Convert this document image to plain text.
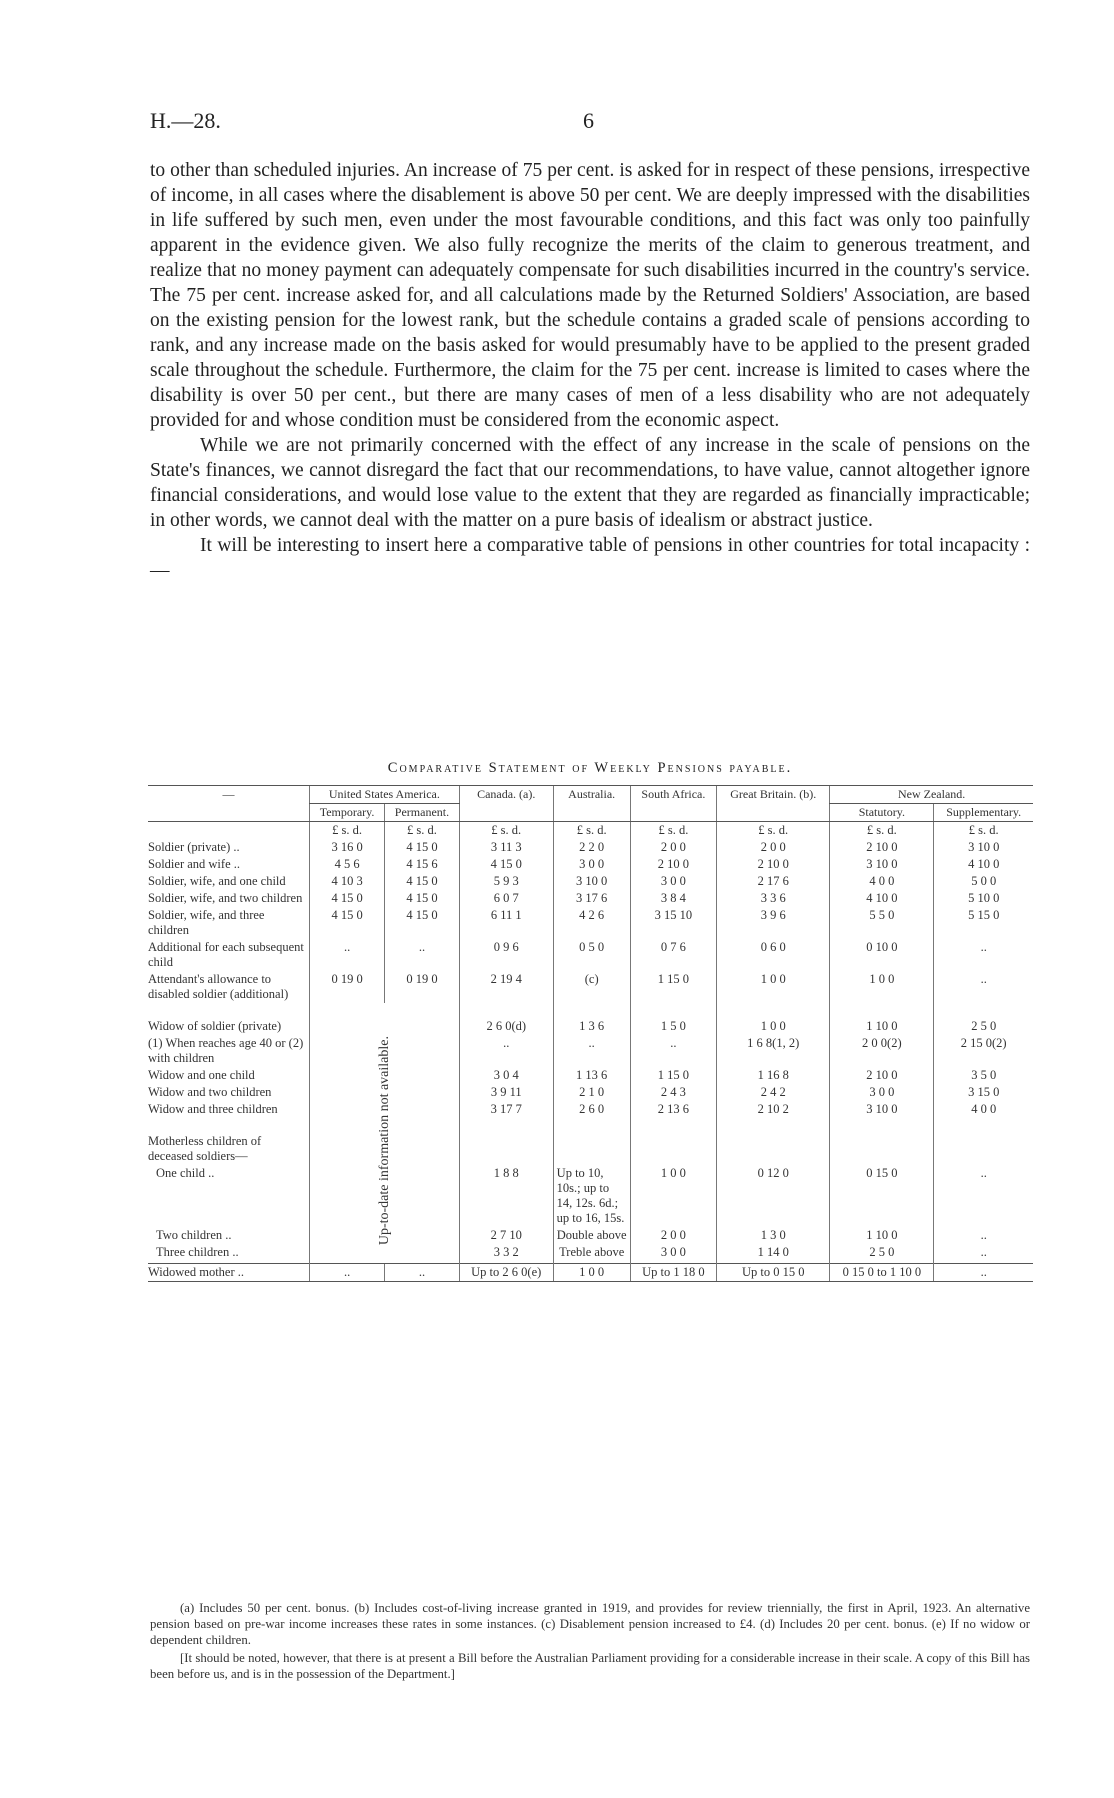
H.—28.	6

to other than scheduled injuries. An increase of 75 per cent. is asked for in respect of these pensions, irrespective of income, in all cases where the disablement is above 50 per cent. We are deeply impressed with the disabilities in life suffered by such men, even under the most favourable conditions, and this fact was only too painfully apparent in the evidence given. We also fully recognize the merits of the claim to generous treatment, and realize that no money payment can adequately compensate for such disabilities incurred in the country's service. The 75 per cent. increase asked for, and all calculations made by the Returned Soldiers' Association, are based on the existing pension for the lowest rank, but the schedule contains a graded scale of pensions according to rank, and any increase made on the basis asked for would presumably have to be applied to the present graded scale throughout the schedule. Furthermore, the claim for the 75 per cent. increase is limited to cases where the disability is over 50 per cent., but there are many cases of men of a less disability who are not adequately provided for and whose condition must be considered from the economic aspect.

While we are not primarily concerned with the effect of any increase in the scale of pensions on the State's finances, we cannot disregard the fact that our recommendations, to have value, cannot altogether ignore financial considerations, and would lose value to the extent that they are regarded as financially impracticable; in other words, we cannot deal with the matter on a pure basis of idealism or abstract justice.

It will be interesting to insert here a comparative table of pensions in other countries for total incapacity :—

Comparative Statement of Weekly Pensions payable.
—	United States America.		Canada. (a).	Australia.	South Africa.	Great Britain. (b).	New Zealand.	
	Temporary.	Permanent.					Statutory.	Supplementary.
	£ s. d.	£ s. d.	£ s. d.	£ s. d.	£ s. d.	£ s. d.	£ s. d.	£ s. d.
Soldier (private) ..	3 16 0	4 15 0	3 11 3	2 2 0	2 0 0	2 0 0	2 10 0	3 10 0
Soldier and wife ..	4 5 6	4 15 6	4 15 0	3 0 0	2 10 0	2 10 0	3 10 0	4 10 0
Soldier, wife, and one child	4 10 3	4 15 0	5 9 3	3 10 0	3 0 0	2 17 6	4 0 0	5 0 0
Soldier, wife, and two children	4 15 0	4 15 0	6 0 7	3 17 6	3 8 4	3 3 6	4 10 0	5 10 0
Soldier, wife, and three children	4 15 0	4 15 0	6 11 1	4 2 6	3 15 10	3 9 6	5 5 0	5 15 0
Additional for each subsequent child	..	..	0 9 6	0 5 0	0 7 6	0 6 0	0 10 0	..
Attendant's allowance to disabled soldier (additional)	0 19 0	0 19 0	2 19 4	(c)	1 15 0	1 0 0	1 0 0	..
Widow of soldier (private)	Up-to-date information not available.		2 6 0(d)	1 3 6	1 5 0	1 0 0	1 10 0	2 5 0
(1) When reaches age 40 or (2) with children			..	..	..	1 6 8(1, 2)	2 0 0(2)	2 15 0(2)
Widow and one child			3 0 4	1 13 6	1 15 0	1 16 8	2 10 0	3 5 0
Widow and two children			3 9 11	2 1 0	2 4 3	2 4 2	3 0 0	3 15 0
Widow and three children			3 17 7	2 6 0	2 13 6	2 10 2	3 10 0	4 0 0
Motherless children of deceased soldiers—								
One child ..			1 8 8	Up to 10, 10s.; up to 14, 12s. 6d.; up to 16, 15s.	1 0 0	0 12 0	0 15 0	..
Two children ..			2 7 10	Double above	2 0 0	1 3 0	1 10 0	..
Three children ..			3 3 2	Treble above	3 0 0	1 14 0	2 5 0	..

Widowed mother ..	..	..	Up to 2 6 0(e)	1 0 0	Up to 1 18 0	Up to 0 15 0	0 15 0 to 1 10 0	..

(a) Includes 50 per cent. bonus. (b) Includes cost-of-living increase granted in 1919, and provides for review triennially, the first in April, 1923. An alternative pension based on pre-war income increases these rates in some instances. (c) Disablement pension increased to £4. (d) Includes 20 per cent. bonus. (e) If no widow or dependent children.

[It should be noted, however, that there is at present a Bill before the Australian Parliament providing for a considerable increase in their scale. A copy of this Bill has been before us, and is in the possession of the Department.]
